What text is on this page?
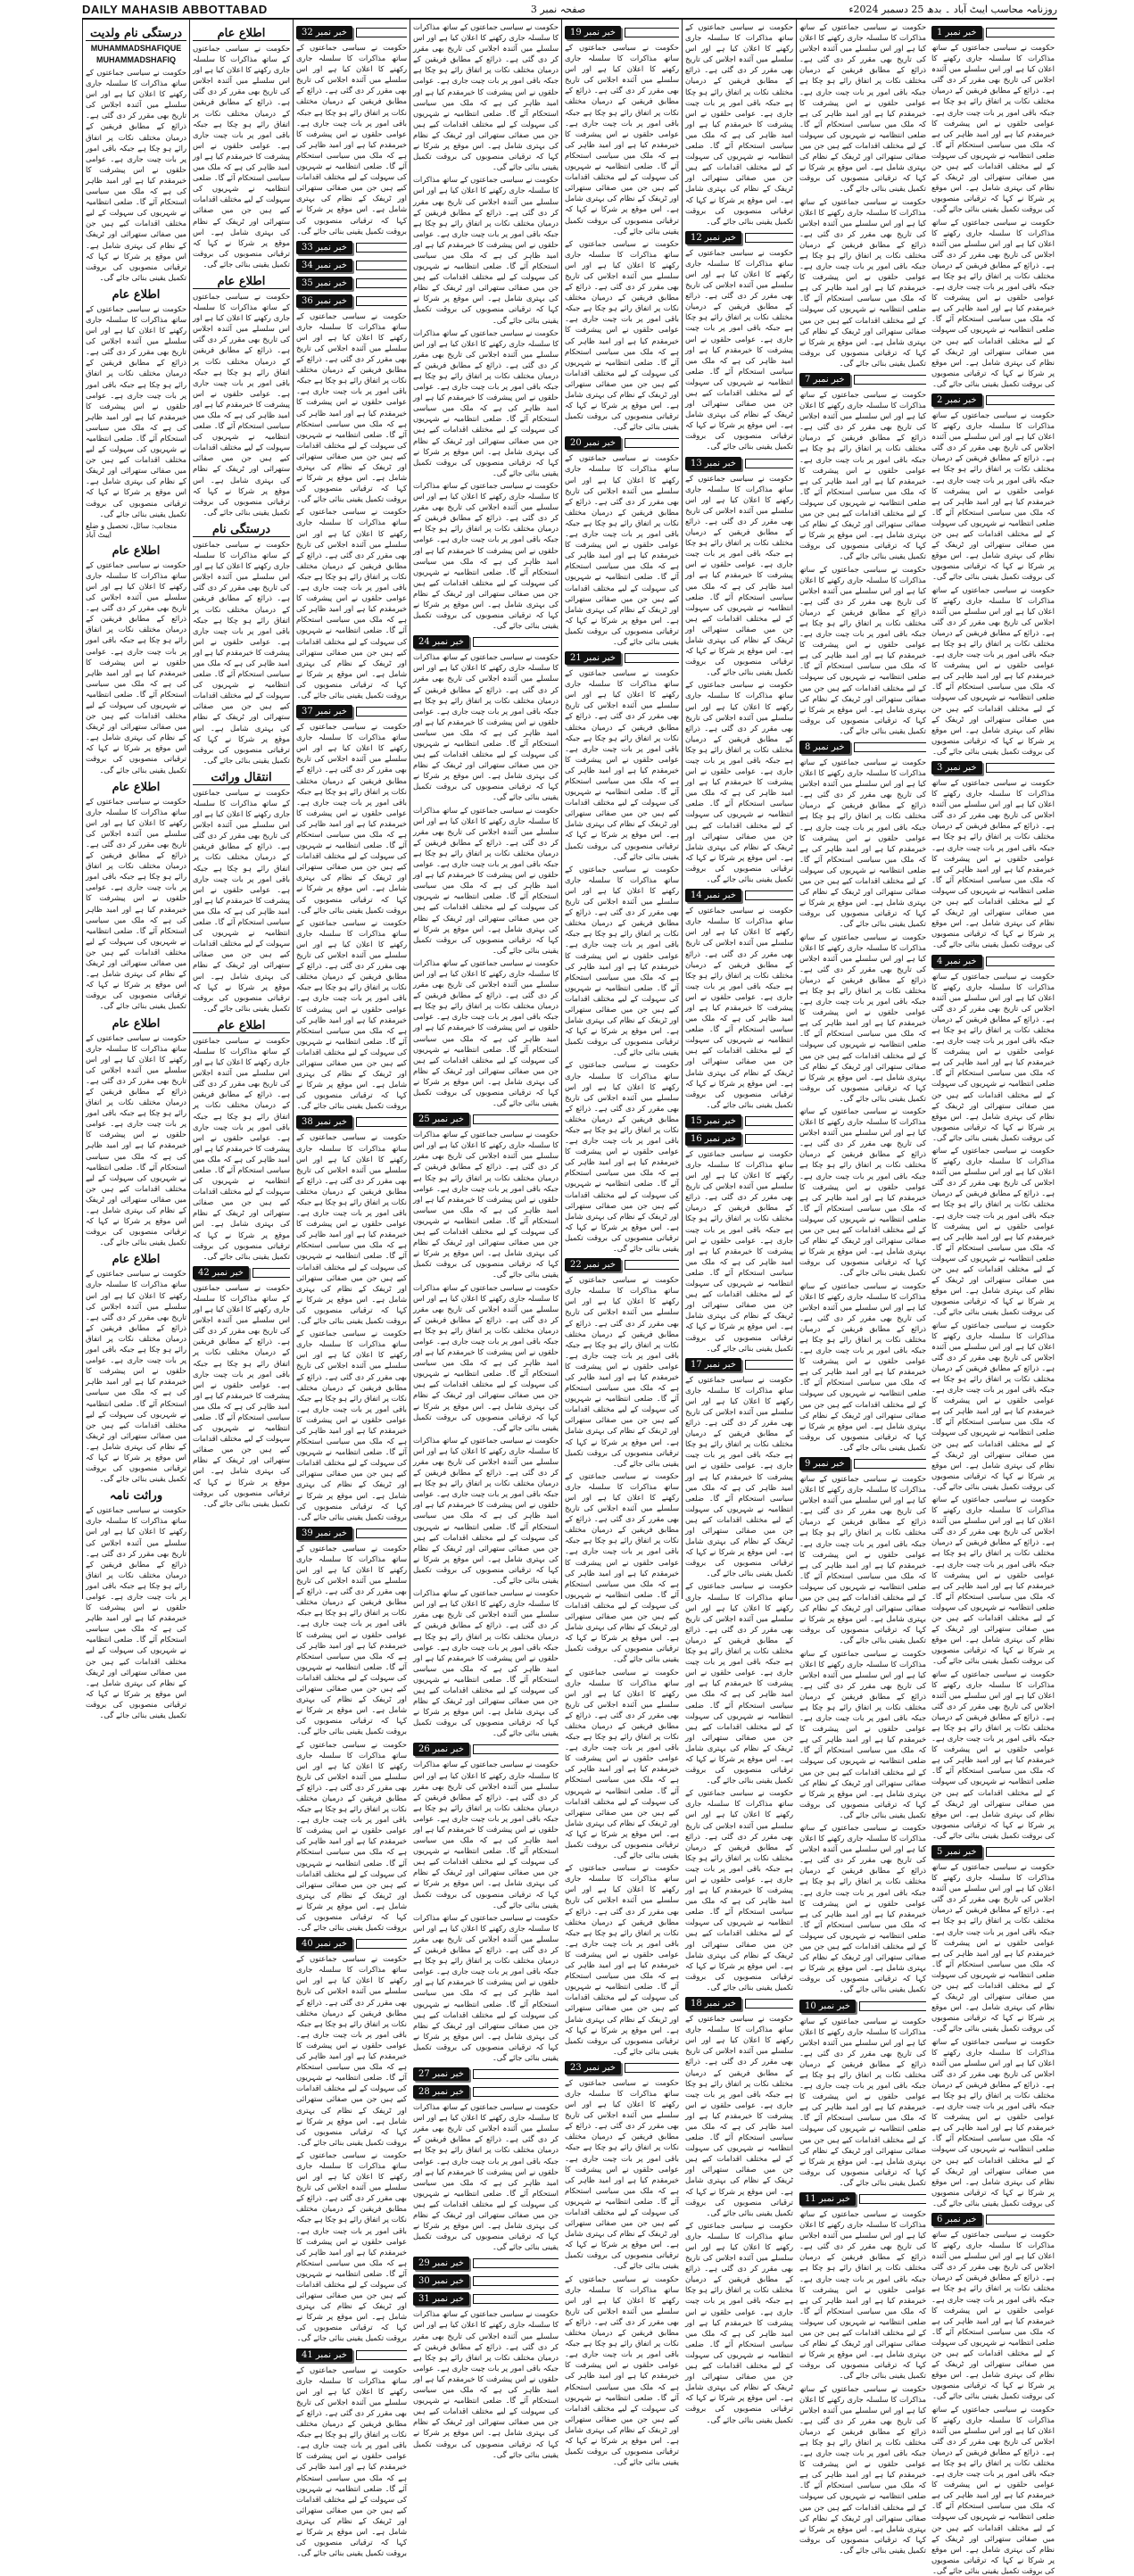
DAILY MAHASIB ABBOTTABAD	صفحہ نمبر 3	روزنامہ محاسب ایبٹ آباد ۔ بدھ 25 دسمبر 2024ء
خبر نمبر 1

حکومت نے سیاسی جماعتوں کے ساتھ مذاکرات کا سلسلہ جاری رکھنے کا اعلان کیا ہے اور اس سلسلے میں آئندہ اجلاس کی تاریخ بھی مقرر کر دی گئی ہے۔ ذرائع کے مطابق فریقین کے درمیان مختلف نکات پر اتفاق رائے ہو چکا ہے جبکہ باقی امور پر بات چیت جاری ہے۔ عوامی حلقوں نے اس پیشرفت کا خیرمقدم کیا ہے اور امید ظاہر کی ہے کہ ملک میں سیاسی استحکام آئے گا۔ ضلعی انتظامیہ نے شہریوں کی سہولت کے لیے مختلف اقدامات کیے ہیں جن میں صفائی ستھرائی اور ٹریفک کے نظام کی بہتری شامل ہے۔ اس موقع پر شرکا نے کہا کہ ترقیاتی منصوبوں کی بروقت تکمیل یقینی بنائی جائے گی۔

حکومت نے سیاسی جماعتوں کے ساتھ مذاکرات کا سلسلہ جاری رکھنے کا اعلان کیا ہے اور اس سلسلے میں آئندہ اجلاس کی تاریخ بھی مقرر کر دی گئی ہے۔ ذرائع کے مطابق فریقین کے درمیان مختلف نکات پر اتفاق رائے ہو چکا ہے جبکہ باقی امور پر بات چیت جاری ہے۔ عوامی حلقوں نے اس پیشرفت کا خیرمقدم کیا ہے اور امید ظاہر کی ہے کہ ملک میں سیاسی استحکام آئے گا۔ ضلعی انتظامیہ نے شہریوں کی سہولت کے لیے مختلف اقدامات کیے ہیں جن میں صفائی ستھرائی اور ٹریفک کے نظام کی بہتری شامل ہے۔ اس موقع پر شرکا نے کہا کہ ترقیاتی منصوبوں کی بروقت تکمیل یقینی بنائی جائے گی۔

خبر نمبر 2

حکومت نے سیاسی جماعتوں کے ساتھ مذاکرات کا سلسلہ جاری رکھنے کا اعلان کیا ہے اور اس سلسلے میں آئندہ اجلاس کی تاریخ بھی مقرر کر دی گئی ہے۔ ذرائع کے مطابق فریقین کے درمیان مختلف نکات پر اتفاق رائے ہو چکا ہے جبکہ باقی امور پر بات چیت جاری ہے۔ عوامی حلقوں نے اس پیشرفت کا خیرمقدم کیا ہے اور امید ظاہر کی ہے کہ ملک میں سیاسی استحکام آئے گا۔ ضلعی انتظامیہ نے شہریوں کی سہولت کے لیے مختلف اقدامات کیے ہیں جن میں صفائی ستھرائی اور ٹریفک کے نظام کی بہتری شامل ہے۔ اس موقع پر شرکا نے کہا کہ ترقیاتی منصوبوں کی بروقت تکمیل یقینی بنائی جائے گی۔

حکومت نے سیاسی جماعتوں کے ساتھ مذاکرات کا سلسلہ جاری رکھنے کا اعلان کیا ہے اور اس سلسلے میں آئندہ اجلاس کی تاریخ بھی مقرر کر دی گئی ہے۔ ذرائع کے مطابق فریقین کے درمیان مختلف نکات پر اتفاق رائے ہو چکا ہے جبکہ باقی امور پر بات چیت جاری ہے۔ عوامی حلقوں نے اس پیشرفت کا خیرمقدم کیا ہے اور امید ظاہر کی ہے کہ ملک میں سیاسی استحکام آئے گا۔ ضلعی انتظامیہ نے شہریوں کی سہولت کے لیے مختلف اقدامات کیے ہیں جن میں صفائی ستھرائی اور ٹریفک کے نظام کی بہتری شامل ہے۔ اس موقع پر شرکا نے کہا کہ ترقیاتی منصوبوں کی بروقت تکمیل یقینی بنائی جائے گی۔

خبر نمبر 3

حکومت نے سیاسی جماعتوں کے ساتھ مذاکرات کا سلسلہ جاری رکھنے کا اعلان کیا ہے اور اس سلسلے میں آئندہ اجلاس کی تاریخ بھی مقرر کر دی گئی ہے۔ ذرائع کے مطابق فریقین کے درمیان مختلف نکات پر اتفاق رائے ہو چکا ہے جبکہ باقی امور پر بات چیت جاری ہے۔ عوامی حلقوں نے اس پیشرفت کا خیرمقدم کیا ہے اور امید ظاہر کی ہے کہ ملک میں سیاسی استحکام آئے گا۔ ضلعی انتظامیہ نے شہریوں کی سہولت کے لیے مختلف اقدامات کیے ہیں جن میں صفائی ستھرائی اور ٹریفک کے نظام کی بہتری شامل ہے۔ اس موقع پر شرکا نے کہا کہ ترقیاتی منصوبوں کی بروقت تکمیل یقینی بنائی جائے گی۔

خبر نمبر 4

حکومت نے سیاسی جماعتوں کے ساتھ مذاکرات کا سلسلہ جاری رکھنے کا اعلان کیا ہے اور اس سلسلے میں آئندہ اجلاس کی تاریخ بھی مقرر کر دی گئی ہے۔ ذرائع کے مطابق فریقین کے درمیان مختلف نکات پر اتفاق رائے ہو چکا ہے جبکہ باقی امور پر بات چیت جاری ہے۔ عوامی حلقوں نے اس پیشرفت کا خیرمقدم کیا ہے اور امید ظاہر کی ہے کہ ملک میں سیاسی استحکام آئے گا۔ ضلعی انتظامیہ نے شہریوں کی سہولت کے لیے مختلف اقدامات کیے ہیں جن میں صفائی ستھرائی اور ٹریفک کے نظام کی بہتری شامل ہے۔ اس موقع پر شرکا نے کہا کہ ترقیاتی منصوبوں کی بروقت تکمیل یقینی بنائی جائے گی۔

حکومت نے سیاسی جماعتوں کے ساتھ مذاکرات کا سلسلہ جاری رکھنے کا اعلان کیا ہے اور اس سلسلے میں آئندہ اجلاس کی تاریخ بھی مقرر کر دی گئی ہے۔ ذرائع کے مطابق فریقین کے درمیان مختلف نکات پر اتفاق رائے ہو چکا ہے جبکہ باقی امور پر بات چیت جاری ہے۔ عوامی حلقوں نے اس پیشرفت کا خیرمقدم کیا ہے اور امید ظاہر کی ہے کہ ملک میں سیاسی استحکام آئے گا۔ ضلعی انتظامیہ نے شہریوں کی سہولت کے لیے مختلف اقدامات کیے ہیں جن میں صفائی ستھرائی اور ٹریفک کے نظام کی بہتری شامل ہے۔ اس موقع پر شرکا نے کہا کہ ترقیاتی منصوبوں کی بروقت تکمیل یقینی بنائی جائے گی۔

حکومت نے سیاسی جماعتوں کے ساتھ مذاکرات کا سلسلہ جاری رکھنے کا اعلان کیا ہے اور اس سلسلے میں آئندہ اجلاس کی تاریخ بھی مقرر کر دی گئی ہے۔ ذرائع کے مطابق فریقین کے درمیان مختلف نکات پر اتفاق رائے ہو چکا ہے جبکہ باقی امور پر بات چیت جاری ہے۔ عوامی حلقوں نے اس پیشرفت کا خیرمقدم کیا ہے اور امید ظاہر کی ہے کہ ملک میں سیاسی استحکام آئے گا۔ ضلعی انتظامیہ نے شہریوں کی سہولت کے لیے مختلف اقدامات کیے ہیں جن میں صفائی ستھرائی اور ٹریفک کے نظام کی بہتری شامل ہے۔ اس موقع پر شرکا نے کہا کہ ترقیاتی منصوبوں کی بروقت تکمیل یقینی بنائی جائے گی۔

حکومت نے سیاسی جماعتوں کے ساتھ مذاکرات کا سلسلہ جاری رکھنے کا اعلان کیا ہے اور اس سلسلے میں آئندہ اجلاس کی تاریخ بھی مقرر کر دی گئی ہے۔ ذرائع کے مطابق فریقین کے درمیان مختلف نکات پر اتفاق رائے ہو چکا ہے جبکہ باقی امور پر بات چیت جاری ہے۔ عوامی حلقوں نے اس پیشرفت کا خیرمقدم کیا ہے اور امید ظاہر کی ہے کہ ملک میں سیاسی استحکام آئے گا۔ ضلعی انتظامیہ نے شہریوں کی سہولت کے لیے مختلف اقدامات کیے ہیں جن میں صفائی ستھرائی اور ٹریفک کے نظام کی بہتری شامل ہے۔ اس موقع پر شرکا نے کہا کہ ترقیاتی منصوبوں کی بروقت تکمیل یقینی بنائی جائے گی۔

حکومت نے سیاسی جماعتوں کے ساتھ مذاکرات کا سلسلہ جاری رکھنے کا اعلان کیا ہے اور اس سلسلے میں آئندہ اجلاس کی تاریخ بھی مقرر کر دی گئی ہے۔ ذرائع کے مطابق فریقین کے درمیان مختلف نکات پر اتفاق رائے ہو چکا ہے جبکہ باقی امور پر بات چیت جاری ہے۔ عوامی حلقوں نے اس پیشرفت کا خیرمقدم کیا ہے اور امید ظاہر کی ہے کہ ملک میں سیاسی استحکام آئے گا۔ ضلعی انتظامیہ نے شہریوں کی سہولت کے لیے مختلف اقدامات کیے ہیں جن میں صفائی ستھرائی اور ٹریفک کے نظام کی بہتری شامل ہے۔ اس موقع پر شرکا نے کہا کہ ترقیاتی منصوبوں کی بروقت تکمیل یقینی بنائی جائے گی۔

خبر نمبر 5

حکومت نے سیاسی جماعتوں کے ساتھ مذاکرات کا سلسلہ جاری رکھنے کا اعلان کیا ہے اور اس سلسلے میں آئندہ اجلاس کی تاریخ بھی مقرر کر دی گئی ہے۔ ذرائع کے مطابق فریقین کے درمیان مختلف نکات پر اتفاق رائے ہو چکا ہے جبکہ باقی امور پر بات چیت جاری ہے۔ عوامی حلقوں نے اس پیشرفت کا خیرمقدم کیا ہے اور امید ظاہر کی ہے کہ ملک میں سیاسی استحکام آئے گا۔ ضلعی انتظامیہ نے شہریوں کی سہولت کے لیے مختلف اقدامات کیے ہیں جن میں صفائی ستھرائی اور ٹریفک کے نظام کی بہتری شامل ہے۔ اس موقع پر شرکا نے کہا کہ ترقیاتی منصوبوں کی بروقت تکمیل یقینی بنائی جائے گی۔

حکومت نے سیاسی جماعتوں کے ساتھ مذاکرات کا سلسلہ جاری رکھنے کا اعلان کیا ہے اور اس سلسلے میں آئندہ اجلاس کی تاریخ بھی مقرر کر دی گئی ہے۔ ذرائع کے مطابق فریقین کے درمیان مختلف نکات پر اتفاق رائے ہو چکا ہے جبکہ باقی امور پر بات چیت جاری ہے۔ عوامی حلقوں نے اس پیشرفت کا خیرمقدم کیا ہے اور امید ظاہر کی ہے کہ ملک میں سیاسی استحکام آئے گا۔ ضلعی انتظامیہ نے شہریوں کی سہولت کے لیے مختلف اقدامات کیے ہیں جن میں صفائی ستھرائی اور ٹریفک کے نظام کی بہتری شامل ہے۔ اس موقع پر شرکا نے کہا کہ ترقیاتی منصوبوں کی بروقت تکمیل یقینی بنائی جائے گی۔

خبر نمبر 6

حکومت نے سیاسی جماعتوں کے ساتھ مذاکرات کا سلسلہ جاری رکھنے کا اعلان کیا ہے اور اس سلسلے میں آئندہ اجلاس کی تاریخ بھی مقرر کر دی گئی ہے۔ ذرائع کے مطابق فریقین کے درمیان مختلف نکات پر اتفاق رائے ہو چکا ہے جبکہ باقی امور پر بات چیت جاری ہے۔ عوامی حلقوں نے اس پیشرفت کا خیرمقدم کیا ہے اور امید ظاہر کی ہے کہ ملک میں سیاسی استحکام آئے گا۔ ضلعی انتظامیہ نے شہریوں کی سہولت کے لیے مختلف اقدامات کیے ہیں جن میں صفائی ستھرائی اور ٹریفک کے نظام کی بہتری شامل ہے۔ اس موقع پر شرکا نے کہا کہ ترقیاتی منصوبوں کی بروقت تکمیل یقینی بنائی جائے گی۔

حکومت نے سیاسی جماعتوں کے ساتھ مذاکرات کا سلسلہ جاری رکھنے کا اعلان کیا ہے اور اس سلسلے میں آئندہ اجلاس کی تاریخ بھی مقرر کر دی گئی ہے۔ ذرائع کے مطابق فریقین کے درمیان مختلف نکات پر اتفاق رائے ہو چکا ہے جبکہ باقی امور پر بات چیت جاری ہے۔ عوامی حلقوں نے اس پیشرفت کا خیرمقدم کیا ہے اور امید ظاہر کی ہے کہ ملک میں سیاسی استحکام آئے گا۔ ضلعی انتظامیہ نے شہریوں کی سہولت کے لیے مختلف اقدامات کیے ہیں جن میں صفائی ستھرائی اور ٹریفک کے نظام کی بہتری شامل ہے۔ اس موقع پر شرکا نے کہا کہ ترقیاتی منصوبوں کی بروقت تکمیل یقینی بنائی جائے گی۔

حکومت نے سیاسی جماعتوں کے ساتھ مذاکرات کا سلسلہ جاری رکھنے کا اعلان کیا ہے اور اس سلسلے میں آئندہ اجلاس کی تاریخ بھی مقرر کر دی گئی ہے۔ ذرائع کے مطابق فریقین کے درمیان مختلف نکات پر اتفاق رائے ہو چکا ہے جبکہ باقی امور پر بات چیت جاری ہے۔ عوامی حلقوں نے اس پیشرفت کا خیرمقدم کیا ہے اور امید ظاہر کی ہے کہ ملک میں سیاسی استحکام آئے گا۔ ضلعی انتظامیہ نے شہریوں کی سہولت کے لیے مختلف اقدامات کیے ہیں جن میں صفائی ستھرائی اور ٹریفک کے نظام کی بہتری شامل ہے۔ اس موقع پر شرکا نے کہا کہ ترقیاتی منصوبوں کی بروقت تکمیل یقینی بنائی جائے گی۔

حکومت نے سیاسی جماعتوں کے ساتھ مذاکرات کا سلسلہ جاری رکھنے کا اعلان کیا ہے اور اس سلسلے میں آئندہ اجلاس کی تاریخ بھی مقرر کر دی گئی ہے۔ ذرائع کے مطابق فریقین کے درمیان مختلف نکات پر اتفاق رائے ہو چکا ہے جبکہ باقی امور پر بات چیت جاری ہے۔ عوامی حلقوں نے اس پیشرفت کا خیرمقدم کیا ہے اور امید ظاہر کی ہے کہ ملک میں سیاسی استحکام آئے گا۔ ضلعی انتظامیہ نے شہریوں کی سہولت کے لیے مختلف اقدامات کیے ہیں جن میں صفائی ستھرائی اور ٹریفک کے نظام کی بہتری شامل ہے۔ اس موقع پر شرکا نے کہا کہ ترقیاتی منصوبوں کی بروقت تکمیل یقینی بنائی جائے گی۔

خبر نمبر 7

حکومت نے سیاسی جماعتوں کے ساتھ مذاکرات کا سلسلہ جاری رکھنے کا اعلان کیا ہے اور اس سلسلے میں آئندہ اجلاس کی تاریخ بھی مقرر کر دی گئی ہے۔ ذرائع کے مطابق فریقین کے درمیان مختلف نکات پر اتفاق رائے ہو چکا ہے جبکہ باقی امور پر بات چیت جاری ہے۔ عوامی حلقوں نے اس پیشرفت کا خیرمقدم کیا ہے اور امید ظاہر کی ہے کہ ملک میں سیاسی استحکام آئے گا۔ ضلعی انتظامیہ نے شہریوں کی سہولت کے لیے مختلف اقدامات کیے ہیں جن میں صفائی ستھرائی اور ٹریفک کے نظام کی بہتری شامل ہے۔ اس موقع پر شرکا نے کہا کہ ترقیاتی منصوبوں کی بروقت تکمیل یقینی بنائی جائے گی۔

حکومت نے سیاسی جماعتوں کے ساتھ مذاکرات کا سلسلہ جاری رکھنے کا اعلان کیا ہے اور اس سلسلے میں آئندہ اجلاس کی تاریخ بھی مقرر کر دی گئی ہے۔ ذرائع کے مطابق فریقین کے درمیان مختلف نکات پر اتفاق رائے ہو چکا ہے جبکہ باقی امور پر بات چیت جاری ہے۔ عوامی حلقوں نے اس پیشرفت کا خیرمقدم کیا ہے اور امید ظاہر کی ہے کہ ملک میں سیاسی استحکام آئے گا۔ ضلعی انتظامیہ نے شہریوں کی سہولت کے لیے مختلف اقدامات کیے ہیں جن میں صفائی ستھرائی اور ٹریفک کے نظام کی بہتری شامل ہے۔ اس موقع پر شرکا نے کہا کہ ترقیاتی منصوبوں کی بروقت تکمیل یقینی بنائی جائے گی۔

خبر نمبر 8

حکومت نے سیاسی جماعتوں کے ساتھ مذاکرات کا سلسلہ جاری رکھنے کا اعلان کیا ہے اور اس سلسلے میں آئندہ اجلاس کی تاریخ بھی مقرر کر دی گئی ہے۔ ذرائع کے مطابق فریقین کے درمیان مختلف نکات پر اتفاق رائے ہو چکا ہے جبکہ باقی امور پر بات چیت جاری ہے۔ عوامی حلقوں نے اس پیشرفت کا خیرمقدم کیا ہے اور امید ظاہر کی ہے کہ ملک میں سیاسی استحکام آئے گا۔ ضلعی انتظامیہ نے شہریوں کی سہولت کے لیے مختلف اقدامات کیے ہیں جن میں صفائی ستھرائی اور ٹریفک کے نظام کی بہتری شامل ہے۔ اس موقع پر شرکا نے کہا کہ ترقیاتی منصوبوں کی بروقت تکمیل یقینی بنائی جائے گی۔

حکومت نے سیاسی جماعتوں کے ساتھ مذاکرات کا سلسلہ جاری رکھنے کا اعلان کیا ہے اور اس سلسلے میں آئندہ اجلاس کی تاریخ بھی مقرر کر دی گئی ہے۔ ذرائع کے مطابق فریقین کے درمیان مختلف نکات پر اتفاق رائے ہو چکا ہے جبکہ باقی امور پر بات چیت جاری ہے۔ عوامی حلقوں نے اس پیشرفت کا خیرمقدم کیا ہے اور امید ظاہر کی ہے کہ ملک میں سیاسی استحکام آئے گا۔ ضلعی انتظامیہ نے شہریوں کی سہولت کے لیے مختلف اقدامات کیے ہیں جن میں صفائی ستھرائی اور ٹریفک کے نظام کی بہتری شامل ہے۔ اس موقع پر شرکا نے کہا کہ ترقیاتی منصوبوں کی بروقت تکمیل یقینی بنائی جائے گی۔

حکومت نے سیاسی جماعتوں کے ساتھ مذاکرات کا سلسلہ جاری رکھنے کا اعلان کیا ہے اور اس سلسلے میں آئندہ اجلاس کی تاریخ بھی مقرر کر دی گئی ہے۔ ذرائع کے مطابق فریقین کے درمیان مختلف نکات پر اتفاق رائے ہو چکا ہے جبکہ باقی امور پر بات چیت جاری ہے۔ عوامی حلقوں نے اس پیشرفت کا خیرمقدم کیا ہے اور امید ظاہر کی ہے کہ ملک میں سیاسی استحکام آئے گا۔ ضلعی انتظامیہ نے شہریوں کی سہولت کے لیے مختلف اقدامات کیے ہیں جن میں صفائی ستھرائی اور ٹریفک کے نظام کی بہتری شامل ہے۔ اس موقع پر شرکا نے کہا کہ ترقیاتی منصوبوں کی بروقت تکمیل یقینی بنائی جائے گی۔

حکومت نے سیاسی جماعتوں کے ساتھ مذاکرات کا سلسلہ جاری رکھنے کا اعلان کیا ہے اور اس سلسلے میں آئندہ اجلاس کی تاریخ بھی مقرر کر دی گئی ہے۔ ذرائع کے مطابق فریقین کے درمیان مختلف نکات پر اتفاق رائے ہو چکا ہے جبکہ باقی امور پر بات چیت جاری ہے۔ عوامی حلقوں نے اس پیشرفت کا خیرمقدم کیا ہے اور امید ظاہر کی ہے کہ ملک میں سیاسی استحکام آئے گا۔ ضلعی انتظامیہ نے شہریوں کی سہولت کے لیے مختلف اقدامات کیے ہیں جن میں صفائی ستھرائی اور ٹریفک کے نظام کی بہتری شامل ہے۔ اس موقع پر شرکا نے کہا کہ ترقیاتی منصوبوں کی بروقت تکمیل یقینی بنائی جائے گی۔

خبر نمبر 9

حکومت نے سیاسی جماعتوں کے ساتھ مذاکرات کا سلسلہ جاری رکھنے کا اعلان کیا ہے اور اس سلسلے میں آئندہ اجلاس کی تاریخ بھی مقرر کر دی گئی ہے۔ ذرائع کے مطابق فریقین کے درمیان مختلف نکات پر اتفاق رائے ہو چکا ہے جبکہ باقی امور پر بات چیت جاری ہے۔ عوامی حلقوں نے اس پیشرفت کا خیرمقدم کیا ہے اور امید ظاہر کی ہے کہ ملک میں سیاسی استحکام آئے گا۔ ضلعی انتظامیہ نے شہریوں کی سہولت کے لیے مختلف اقدامات کیے ہیں جن میں صفائی ستھرائی اور ٹریفک کے نظام کی بہتری شامل ہے۔ اس موقع پر شرکا نے کہا کہ ترقیاتی منصوبوں کی بروقت تکمیل یقینی بنائی جائے گی۔

حکومت نے سیاسی جماعتوں کے ساتھ مذاکرات کا سلسلہ جاری رکھنے کا اعلان کیا ہے اور اس سلسلے میں آئندہ اجلاس کی تاریخ بھی مقرر کر دی گئی ہے۔ ذرائع کے مطابق فریقین کے درمیان مختلف نکات پر اتفاق رائے ہو چکا ہے جبکہ باقی امور پر بات چیت جاری ہے۔ عوامی حلقوں نے اس پیشرفت کا خیرمقدم کیا ہے اور امید ظاہر کی ہے کہ ملک میں سیاسی استحکام آئے گا۔ ضلعی انتظامیہ نے شہریوں کی سہولت کے لیے مختلف اقدامات کیے ہیں جن میں صفائی ستھرائی اور ٹریفک کے نظام کی بہتری شامل ہے۔ اس موقع پر شرکا نے کہا کہ ترقیاتی منصوبوں کی بروقت تکمیل یقینی بنائی جائے گی۔

حکومت نے سیاسی جماعتوں کے ساتھ مذاکرات کا سلسلہ جاری رکھنے کا اعلان کیا ہے اور اس سلسلے میں آئندہ اجلاس کی تاریخ بھی مقرر کر دی گئی ہے۔ ذرائع کے مطابق فریقین کے درمیان مختلف نکات پر اتفاق رائے ہو چکا ہے جبکہ باقی امور پر بات چیت جاری ہے۔ عوامی حلقوں نے اس پیشرفت کا خیرمقدم کیا ہے اور امید ظاہر کی ہے کہ ملک میں سیاسی استحکام آئے گا۔ ضلعی انتظامیہ نے شہریوں کی سہولت کے لیے مختلف اقدامات کیے ہیں جن میں صفائی ستھرائی اور ٹریفک کے نظام کی بہتری شامل ہے۔ اس موقع پر شرکا نے کہا کہ ترقیاتی منصوبوں کی بروقت تکمیل یقینی بنائی جائے گی۔

خبر نمبر 10

حکومت نے سیاسی جماعتوں کے ساتھ مذاکرات کا سلسلہ جاری رکھنے کا اعلان کیا ہے اور اس سلسلے میں آئندہ اجلاس کی تاریخ بھی مقرر کر دی گئی ہے۔ ذرائع کے مطابق فریقین کے درمیان مختلف نکات پر اتفاق رائے ہو چکا ہے جبکہ باقی امور پر بات چیت جاری ہے۔ عوامی حلقوں نے اس پیشرفت کا خیرمقدم کیا ہے اور امید ظاہر کی ہے کہ ملک میں سیاسی استحکام آئے گا۔ ضلعی انتظامیہ نے شہریوں کی سہولت کے لیے مختلف اقدامات کیے ہیں جن میں صفائی ستھرائی اور ٹریفک کے نظام کی بہتری شامل ہے۔ اس موقع پر شرکا نے کہا کہ ترقیاتی منصوبوں کی بروقت تکمیل یقینی بنائی جائے گی۔

خبر نمبر 11

حکومت نے سیاسی جماعتوں کے ساتھ مذاکرات کا سلسلہ جاری رکھنے کا اعلان کیا ہے اور اس سلسلے میں آئندہ اجلاس کی تاریخ بھی مقرر کر دی گئی ہے۔ ذرائع کے مطابق فریقین کے درمیان مختلف نکات پر اتفاق رائے ہو چکا ہے جبکہ باقی امور پر بات چیت جاری ہے۔ عوامی حلقوں نے اس پیشرفت کا خیرمقدم کیا ہے اور امید ظاہر کی ہے کہ ملک میں سیاسی استحکام آئے گا۔ ضلعی انتظامیہ نے شہریوں کی سہولت کے لیے مختلف اقدامات کیے ہیں جن میں صفائی ستھرائی اور ٹریفک کے نظام کی بہتری شامل ہے۔ اس موقع پر شرکا نے کہا کہ ترقیاتی منصوبوں کی بروقت تکمیل یقینی بنائی جائے گی۔

حکومت نے سیاسی جماعتوں کے ساتھ مذاکرات کا سلسلہ جاری رکھنے کا اعلان کیا ہے اور اس سلسلے میں آئندہ اجلاس کی تاریخ بھی مقرر کر دی گئی ہے۔ ذرائع کے مطابق فریقین کے درمیان مختلف نکات پر اتفاق رائے ہو چکا ہے جبکہ باقی امور پر بات چیت جاری ہے۔ عوامی حلقوں نے اس پیشرفت کا خیرمقدم کیا ہے اور امید ظاہر کی ہے کہ ملک میں سیاسی استحکام آئے گا۔ ضلعی انتظامیہ نے شہریوں کی سہولت کے لیے مختلف اقدامات کیے ہیں جن میں صفائی ستھرائی اور ٹریفک کے نظام کی بہتری شامل ہے۔ اس موقع پر شرکا نے کہا کہ ترقیاتی منصوبوں کی بروقت تکمیل یقینی بنائی جائے گی۔

حکومت نے سیاسی جماعتوں کے ساتھ مذاکرات کا سلسلہ جاری رکھنے کا اعلان کیا ہے اور اس سلسلے میں آئندہ اجلاس کی تاریخ بھی مقرر کر دی گئی ہے۔ ذرائع کے مطابق فریقین کے درمیان مختلف نکات پر اتفاق رائے ہو چکا ہے جبکہ باقی امور پر بات چیت جاری ہے۔ عوامی حلقوں نے اس پیشرفت کا خیرمقدم کیا ہے اور امید ظاہر کی ہے کہ ملک میں سیاسی استحکام آئے گا۔ ضلعی انتظامیہ نے شہریوں کی سہولت کے لیے مختلف اقدامات کیے ہیں جن میں صفائی ستھرائی اور ٹریفک کے نظام کی بہتری شامل ہے۔ اس موقع پر شرکا نے کہا کہ ترقیاتی منصوبوں کی بروقت تکمیل یقینی بنائی جائے گی۔

خبر نمبر 12

حکومت نے سیاسی جماعتوں کے ساتھ مذاکرات کا سلسلہ جاری رکھنے کا اعلان کیا ہے اور اس سلسلے میں آئندہ اجلاس کی تاریخ بھی مقرر کر دی گئی ہے۔ ذرائع کے مطابق فریقین کے درمیان مختلف نکات پر اتفاق رائے ہو چکا ہے جبکہ باقی امور پر بات چیت جاری ہے۔ عوامی حلقوں نے اس پیشرفت کا خیرمقدم کیا ہے اور امید ظاہر کی ہے کہ ملک میں سیاسی استحکام آئے گا۔ ضلعی انتظامیہ نے شہریوں کی سہولت کے لیے مختلف اقدامات کیے ہیں جن میں صفائی ستھرائی اور ٹریفک کے نظام کی بہتری شامل ہے۔ اس موقع پر شرکا نے کہا کہ ترقیاتی منصوبوں کی بروقت تکمیل یقینی بنائی جائے گی۔

خبر نمبر 13

حکومت نے سیاسی جماعتوں کے ساتھ مذاکرات کا سلسلہ جاری رکھنے کا اعلان کیا ہے اور اس سلسلے میں آئندہ اجلاس کی تاریخ بھی مقرر کر دی گئی ہے۔ ذرائع کے مطابق فریقین کے درمیان مختلف نکات پر اتفاق رائے ہو چکا ہے جبکہ باقی امور پر بات چیت جاری ہے۔ عوامی حلقوں نے اس پیشرفت کا خیرمقدم کیا ہے اور امید ظاہر کی ہے کہ ملک میں سیاسی استحکام آئے گا۔ ضلعی انتظامیہ نے شہریوں کی سہولت کے لیے مختلف اقدامات کیے ہیں جن میں صفائی ستھرائی اور ٹریفک کے نظام کی بہتری شامل ہے۔ اس موقع پر شرکا نے کہا کہ ترقیاتی منصوبوں کی بروقت تکمیل یقینی بنائی جائے گی۔

حکومت نے سیاسی جماعتوں کے ساتھ مذاکرات کا سلسلہ جاری رکھنے کا اعلان کیا ہے اور اس سلسلے میں آئندہ اجلاس کی تاریخ بھی مقرر کر دی گئی ہے۔ ذرائع کے مطابق فریقین کے درمیان مختلف نکات پر اتفاق رائے ہو چکا ہے جبکہ باقی امور پر بات چیت جاری ہے۔ عوامی حلقوں نے اس پیشرفت کا خیرمقدم کیا ہے اور امید ظاہر کی ہے کہ ملک میں سیاسی استحکام آئے گا۔ ضلعی انتظامیہ نے شہریوں کی سہولت کے لیے مختلف اقدامات کیے ہیں جن میں صفائی ستھرائی اور ٹریفک کے نظام کی بہتری شامل ہے۔ اس موقع پر شرکا نے کہا کہ ترقیاتی منصوبوں کی بروقت تکمیل یقینی بنائی جائے گی۔

خبر نمبر 14

حکومت نے سیاسی جماعتوں کے ساتھ مذاکرات کا سلسلہ جاری رکھنے کا اعلان کیا ہے اور اس سلسلے میں آئندہ اجلاس کی تاریخ بھی مقرر کر دی گئی ہے۔ ذرائع کے مطابق فریقین کے درمیان مختلف نکات پر اتفاق رائے ہو چکا ہے جبکہ باقی امور پر بات چیت جاری ہے۔ عوامی حلقوں نے اس پیشرفت کا خیرمقدم کیا ہے اور امید ظاہر کی ہے کہ ملک میں سیاسی استحکام آئے گا۔ ضلعی انتظامیہ نے شہریوں کی سہولت کے لیے مختلف اقدامات کیے ہیں جن میں صفائی ستھرائی اور ٹریفک کے نظام کی بہتری شامل ہے۔ اس موقع پر شرکا نے کہا کہ ترقیاتی منصوبوں کی بروقت تکمیل یقینی بنائی جائے گی۔

خبر نمبر 15
خبر نمبر 16

حکومت نے سیاسی جماعتوں کے ساتھ مذاکرات کا سلسلہ جاری رکھنے کا اعلان کیا ہے اور اس سلسلے میں آئندہ اجلاس کی تاریخ بھی مقرر کر دی گئی ہے۔ ذرائع کے مطابق فریقین کے درمیان مختلف نکات پر اتفاق رائے ہو چکا ہے جبکہ باقی امور پر بات چیت جاری ہے۔ عوامی حلقوں نے اس پیشرفت کا خیرمقدم کیا ہے اور امید ظاہر کی ہے کہ ملک میں سیاسی استحکام آئے گا۔ ضلعی انتظامیہ نے شہریوں کی سہولت کے لیے مختلف اقدامات کیے ہیں جن میں صفائی ستھرائی اور ٹریفک کے نظام کی بہتری شامل ہے۔ اس موقع پر شرکا نے کہا کہ ترقیاتی منصوبوں کی بروقت تکمیل یقینی بنائی جائے گی۔

خبر نمبر 17

حکومت نے سیاسی جماعتوں کے ساتھ مذاکرات کا سلسلہ جاری رکھنے کا اعلان کیا ہے اور اس سلسلے میں آئندہ اجلاس کی تاریخ بھی مقرر کر دی گئی ہے۔ ذرائع کے مطابق فریقین کے درمیان مختلف نکات پر اتفاق رائے ہو چکا ہے جبکہ باقی امور پر بات چیت جاری ہے۔ عوامی حلقوں نے اس پیشرفت کا خیرمقدم کیا ہے اور امید ظاہر کی ہے کہ ملک میں سیاسی استحکام آئے گا۔ ضلعی انتظامیہ نے شہریوں کی سہولت کے لیے مختلف اقدامات کیے ہیں جن میں صفائی ستھرائی اور ٹریفک کے نظام کی بہتری شامل ہے۔ اس موقع پر شرکا نے کہا کہ ترقیاتی منصوبوں کی بروقت تکمیل یقینی بنائی جائے گی۔

حکومت نے سیاسی جماعتوں کے ساتھ مذاکرات کا سلسلہ جاری رکھنے کا اعلان کیا ہے اور اس سلسلے میں آئندہ اجلاس کی تاریخ بھی مقرر کر دی گئی ہے۔ ذرائع کے مطابق فریقین کے درمیان مختلف نکات پر اتفاق رائے ہو چکا ہے جبکہ باقی امور پر بات چیت جاری ہے۔ عوامی حلقوں نے اس پیشرفت کا خیرمقدم کیا ہے اور امید ظاہر کی ہے کہ ملک میں سیاسی استحکام آئے گا۔ ضلعی انتظامیہ نے شہریوں کی سہولت کے لیے مختلف اقدامات کیے ہیں جن میں صفائی ستھرائی اور ٹریفک کے نظام کی بہتری شامل ہے۔ اس موقع پر شرکا نے کہا کہ ترقیاتی منصوبوں کی بروقت تکمیل یقینی بنائی جائے گی۔

حکومت نے سیاسی جماعتوں کے ساتھ مذاکرات کا سلسلہ جاری رکھنے کا اعلان کیا ہے اور اس سلسلے میں آئندہ اجلاس کی تاریخ بھی مقرر کر دی گئی ہے۔ ذرائع کے مطابق فریقین کے درمیان مختلف نکات پر اتفاق رائے ہو چکا ہے جبکہ باقی امور پر بات چیت جاری ہے۔ عوامی حلقوں نے اس پیشرفت کا خیرمقدم کیا ہے اور امید ظاہر کی ہے کہ ملک میں سیاسی استحکام آئے گا۔ ضلعی انتظامیہ نے شہریوں کی سہولت کے لیے مختلف اقدامات کیے ہیں جن میں صفائی ستھرائی اور ٹریفک کے نظام کی بہتری شامل ہے۔ اس موقع پر شرکا نے کہا کہ ترقیاتی منصوبوں کی بروقت تکمیل یقینی بنائی جائے گی۔

خبر نمبر 18

حکومت نے سیاسی جماعتوں کے ساتھ مذاکرات کا سلسلہ جاری رکھنے کا اعلان کیا ہے اور اس سلسلے میں آئندہ اجلاس کی تاریخ بھی مقرر کر دی گئی ہے۔ ذرائع کے مطابق فریقین کے درمیان مختلف نکات پر اتفاق رائے ہو چکا ہے جبکہ باقی امور پر بات چیت جاری ہے۔ عوامی حلقوں نے اس پیشرفت کا خیرمقدم کیا ہے اور امید ظاہر کی ہے کہ ملک میں سیاسی استحکام آئے گا۔ ضلعی انتظامیہ نے شہریوں کی سہولت کے لیے مختلف اقدامات کیے ہیں جن میں صفائی ستھرائی اور ٹریفک کے نظام کی بہتری شامل ہے۔ اس موقع پر شرکا نے کہا کہ ترقیاتی منصوبوں کی بروقت تکمیل یقینی بنائی جائے گی۔

حکومت نے سیاسی جماعتوں کے ساتھ مذاکرات کا سلسلہ جاری رکھنے کا اعلان کیا ہے اور اس سلسلے میں آئندہ اجلاس کی تاریخ بھی مقرر کر دی گئی ہے۔ ذرائع کے مطابق فریقین کے درمیان مختلف نکات پر اتفاق رائے ہو چکا ہے جبکہ باقی امور پر بات چیت جاری ہے۔ عوامی حلقوں نے اس پیشرفت کا خیرمقدم کیا ہے اور امید ظاہر کی ہے کہ ملک میں سیاسی استحکام آئے گا۔ ضلعی انتظامیہ نے شہریوں کی سہولت کے لیے مختلف اقدامات کیے ہیں جن میں صفائی ستھرائی اور ٹریفک کے نظام کی بہتری شامل ہے۔ اس موقع پر شرکا نے کہا کہ ترقیاتی منصوبوں کی بروقت تکمیل یقینی بنائی جائے گی۔

خبر نمبر 19

حکومت نے سیاسی جماعتوں کے ساتھ مذاکرات کا سلسلہ جاری رکھنے کا اعلان کیا ہے اور اس سلسلے میں آئندہ اجلاس کی تاریخ بھی مقرر کر دی گئی ہے۔ ذرائع کے مطابق فریقین کے درمیان مختلف نکات پر اتفاق رائے ہو چکا ہے جبکہ باقی امور پر بات چیت جاری ہے۔ عوامی حلقوں نے اس پیشرفت کا خیرمقدم کیا ہے اور امید ظاہر کی ہے کہ ملک میں سیاسی استحکام آئے گا۔ ضلعی انتظامیہ نے شہریوں کی سہولت کے لیے مختلف اقدامات کیے ہیں جن میں صفائی ستھرائی اور ٹریفک کے نظام کی بہتری شامل ہے۔ اس موقع پر شرکا نے کہا کہ ترقیاتی منصوبوں کی بروقت تکمیل یقینی بنائی جائے گی۔

حکومت نے سیاسی جماعتوں کے ساتھ مذاکرات کا سلسلہ جاری رکھنے کا اعلان کیا ہے اور اس سلسلے میں آئندہ اجلاس کی تاریخ بھی مقرر کر دی گئی ہے۔ ذرائع کے مطابق فریقین کے درمیان مختلف نکات پر اتفاق رائے ہو چکا ہے جبکہ باقی امور پر بات چیت جاری ہے۔ عوامی حلقوں نے اس پیشرفت کا خیرمقدم کیا ہے اور امید ظاہر کی ہے کہ ملک میں سیاسی استحکام آئے گا۔ ضلعی انتظامیہ نے شہریوں کی سہولت کے لیے مختلف اقدامات کیے ہیں جن میں صفائی ستھرائی اور ٹریفک کے نظام کی بہتری شامل ہے۔ اس موقع پر شرکا نے کہا کہ ترقیاتی منصوبوں کی بروقت تکمیل یقینی بنائی جائے گی۔

خبر نمبر 20

حکومت نے سیاسی جماعتوں کے ساتھ مذاکرات کا سلسلہ جاری رکھنے کا اعلان کیا ہے اور اس سلسلے میں آئندہ اجلاس کی تاریخ بھی مقرر کر دی گئی ہے۔ ذرائع کے مطابق فریقین کے درمیان مختلف نکات پر اتفاق رائے ہو چکا ہے جبکہ باقی امور پر بات چیت جاری ہے۔ عوامی حلقوں نے اس پیشرفت کا خیرمقدم کیا ہے اور امید ظاہر کی ہے کہ ملک میں سیاسی استحکام آئے گا۔ ضلعی انتظامیہ نے شہریوں کی سہولت کے لیے مختلف اقدامات کیے ہیں جن میں صفائی ستھرائی اور ٹریفک کے نظام کی بہتری شامل ہے۔ اس موقع پر شرکا نے کہا کہ ترقیاتی منصوبوں کی بروقت تکمیل یقینی بنائی جائے گی۔

خبر نمبر 21

حکومت نے سیاسی جماعتوں کے ساتھ مذاکرات کا سلسلہ جاری رکھنے کا اعلان کیا ہے اور اس سلسلے میں آئندہ اجلاس کی تاریخ بھی مقرر کر دی گئی ہے۔ ذرائع کے مطابق فریقین کے درمیان مختلف نکات پر اتفاق رائے ہو چکا ہے جبکہ باقی امور پر بات چیت جاری ہے۔ عوامی حلقوں نے اس پیشرفت کا خیرمقدم کیا ہے اور امید ظاہر کی ہے کہ ملک میں سیاسی استحکام آئے گا۔ ضلعی انتظامیہ نے شہریوں کی سہولت کے لیے مختلف اقدامات کیے ہیں جن میں صفائی ستھرائی اور ٹریفک کے نظام کی بہتری شامل ہے۔ اس موقع پر شرکا نے کہا کہ ترقیاتی منصوبوں کی بروقت تکمیل یقینی بنائی جائے گی۔

حکومت نے سیاسی جماعتوں کے ساتھ مذاکرات کا سلسلہ جاری رکھنے کا اعلان کیا ہے اور اس سلسلے میں آئندہ اجلاس کی تاریخ بھی مقرر کر دی گئی ہے۔ ذرائع کے مطابق فریقین کے درمیان مختلف نکات پر اتفاق رائے ہو چکا ہے جبکہ باقی امور پر بات چیت جاری ہے۔ عوامی حلقوں نے اس پیشرفت کا خیرمقدم کیا ہے اور امید ظاہر کی ہے کہ ملک میں سیاسی استحکام آئے گا۔ ضلعی انتظامیہ نے شہریوں کی سہولت کے لیے مختلف اقدامات کیے ہیں جن میں صفائی ستھرائی اور ٹریفک کے نظام کی بہتری شامل ہے۔ اس موقع پر شرکا نے کہا کہ ترقیاتی منصوبوں کی بروقت تکمیل یقینی بنائی جائے گی۔

حکومت نے سیاسی جماعتوں کے ساتھ مذاکرات کا سلسلہ جاری رکھنے کا اعلان کیا ہے اور اس سلسلے میں آئندہ اجلاس کی تاریخ بھی مقرر کر دی گئی ہے۔ ذرائع کے مطابق فریقین کے درمیان مختلف نکات پر اتفاق رائے ہو چکا ہے جبکہ باقی امور پر بات چیت جاری ہے۔ عوامی حلقوں نے اس پیشرفت کا خیرمقدم کیا ہے اور امید ظاہر کی ہے کہ ملک میں سیاسی استحکام آئے گا۔ ضلعی انتظامیہ نے شہریوں کی سہولت کے لیے مختلف اقدامات کیے ہیں جن میں صفائی ستھرائی اور ٹریفک کے نظام کی بہتری شامل ہے۔ اس موقع پر شرکا نے کہا کہ ترقیاتی منصوبوں کی بروقت تکمیل یقینی بنائی جائے گی۔

خبر نمبر 22

حکومت نے سیاسی جماعتوں کے ساتھ مذاکرات کا سلسلہ جاری رکھنے کا اعلان کیا ہے اور اس سلسلے میں آئندہ اجلاس کی تاریخ بھی مقرر کر دی گئی ہے۔ ذرائع کے مطابق فریقین کے درمیان مختلف نکات پر اتفاق رائے ہو چکا ہے جبکہ باقی امور پر بات چیت جاری ہے۔ عوامی حلقوں نے اس پیشرفت کا خیرمقدم کیا ہے اور امید ظاہر کی ہے کہ ملک میں سیاسی استحکام آئے گا۔ ضلعی انتظامیہ نے شہریوں کی سہولت کے لیے مختلف اقدامات کیے ہیں جن میں صفائی ستھرائی اور ٹریفک کے نظام کی بہتری شامل ہے۔ اس موقع پر شرکا نے کہا کہ ترقیاتی منصوبوں کی بروقت تکمیل یقینی بنائی جائے گی۔

حکومت نے سیاسی جماعتوں کے ساتھ مذاکرات کا سلسلہ جاری رکھنے کا اعلان کیا ہے اور اس سلسلے میں آئندہ اجلاس کی تاریخ بھی مقرر کر دی گئی ہے۔ ذرائع کے مطابق فریقین کے درمیان مختلف نکات پر اتفاق رائے ہو چکا ہے جبکہ باقی امور پر بات چیت جاری ہے۔ عوامی حلقوں نے اس پیشرفت کا خیرمقدم کیا ہے اور امید ظاہر کی ہے کہ ملک میں سیاسی استحکام آئے گا۔ ضلعی انتظامیہ نے شہریوں کی سہولت کے لیے مختلف اقدامات کیے ہیں جن میں صفائی ستھرائی اور ٹریفک کے نظام کی بہتری شامل ہے۔ اس موقع پر شرکا نے کہا کہ ترقیاتی منصوبوں کی بروقت تکمیل یقینی بنائی جائے گی۔

حکومت نے سیاسی جماعتوں کے ساتھ مذاکرات کا سلسلہ جاری رکھنے کا اعلان کیا ہے اور اس سلسلے میں آئندہ اجلاس کی تاریخ بھی مقرر کر دی گئی ہے۔ ذرائع کے مطابق فریقین کے درمیان مختلف نکات پر اتفاق رائے ہو چکا ہے جبکہ باقی امور پر بات چیت جاری ہے۔ عوامی حلقوں نے اس پیشرفت کا خیرمقدم کیا ہے اور امید ظاہر کی ہے کہ ملک میں سیاسی استحکام آئے گا۔ ضلعی انتظامیہ نے شہریوں کی سہولت کے لیے مختلف اقدامات کیے ہیں جن میں صفائی ستھرائی اور ٹریفک کے نظام کی بہتری شامل ہے۔ اس موقع پر شرکا نے کہا کہ ترقیاتی منصوبوں کی بروقت تکمیل یقینی بنائی جائے گی۔

حکومت نے سیاسی جماعتوں کے ساتھ مذاکرات کا سلسلہ جاری رکھنے کا اعلان کیا ہے اور اس سلسلے میں آئندہ اجلاس کی تاریخ بھی مقرر کر دی گئی ہے۔ ذرائع کے مطابق فریقین کے درمیان مختلف نکات پر اتفاق رائے ہو چکا ہے جبکہ باقی امور پر بات چیت جاری ہے۔ عوامی حلقوں نے اس پیشرفت کا خیرمقدم کیا ہے اور امید ظاہر کی ہے کہ ملک میں سیاسی استحکام آئے گا۔ ضلعی انتظامیہ نے شہریوں کی سہولت کے لیے مختلف اقدامات کیے ہیں جن میں صفائی ستھرائی اور ٹریفک کے نظام کی بہتری شامل ہے۔ اس موقع پر شرکا نے کہا کہ ترقیاتی منصوبوں کی بروقت تکمیل یقینی بنائی جائے گی۔

خبر نمبر 23

حکومت نے سیاسی جماعتوں کے ساتھ مذاکرات کا سلسلہ جاری رکھنے کا اعلان کیا ہے اور اس سلسلے میں آئندہ اجلاس کی تاریخ بھی مقرر کر دی گئی ہے۔ ذرائع کے مطابق فریقین کے درمیان مختلف نکات پر اتفاق رائے ہو چکا ہے جبکہ باقی امور پر بات چیت جاری ہے۔ عوامی حلقوں نے اس پیشرفت کا خیرمقدم کیا ہے اور امید ظاہر کی ہے کہ ملک میں سیاسی استحکام آئے گا۔ ضلعی انتظامیہ نے شہریوں کی سہولت کے لیے مختلف اقدامات کیے ہیں جن میں صفائی ستھرائی اور ٹریفک کے نظام کی بہتری شامل ہے۔ اس موقع پر شرکا نے کہا کہ ترقیاتی منصوبوں کی بروقت تکمیل یقینی بنائی جائے گی۔

حکومت نے سیاسی جماعتوں کے ساتھ مذاکرات کا سلسلہ جاری رکھنے کا اعلان کیا ہے اور اس سلسلے میں آئندہ اجلاس کی تاریخ بھی مقرر کر دی گئی ہے۔ ذرائع کے مطابق فریقین کے درمیان مختلف نکات پر اتفاق رائے ہو چکا ہے جبکہ باقی امور پر بات چیت جاری ہے۔ عوامی حلقوں نے اس پیشرفت کا خیرمقدم کیا ہے اور امید ظاہر کی ہے کہ ملک میں سیاسی استحکام آئے گا۔ ضلعی انتظامیہ نے شہریوں کی سہولت کے لیے مختلف اقدامات کیے ہیں جن میں صفائی ستھرائی اور ٹریفک کے نظام کی بہتری شامل ہے۔ اس موقع پر شرکا نے کہا کہ ترقیاتی منصوبوں کی بروقت تکمیل یقینی بنائی جائے گی۔

حکومت نے سیاسی جماعتوں کے ساتھ مذاکرات کا سلسلہ جاری رکھنے کا اعلان کیا ہے اور اس سلسلے میں آئندہ اجلاس کی تاریخ بھی مقرر کر دی گئی ہے۔ ذرائع کے مطابق فریقین کے درمیان مختلف نکات پر اتفاق رائے ہو چکا ہے جبکہ باقی امور پر بات چیت جاری ہے۔ عوامی حلقوں نے اس پیشرفت کا خیرمقدم کیا ہے اور امید ظاہر کی ہے کہ ملک میں سیاسی استحکام آئے گا۔ ضلعی انتظامیہ نے شہریوں کی سہولت کے لیے مختلف اقدامات کیے ہیں جن میں صفائی ستھرائی اور ٹریفک کے نظام کی بہتری شامل ہے۔ اس موقع پر شرکا نے کہا کہ ترقیاتی منصوبوں کی بروقت تکمیل یقینی بنائی جائے گی۔

حکومت نے سیاسی جماعتوں کے ساتھ مذاکرات کا سلسلہ جاری رکھنے کا اعلان کیا ہے اور اس سلسلے میں آئندہ اجلاس کی تاریخ بھی مقرر کر دی گئی ہے۔ ذرائع کے مطابق فریقین کے درمیان مختلف نکات پر اتفاق رائے ہو چکا ہے جبکہ باقی امور پر بات چیت جاری ہے۔ عوامی حلقوں نے اس پیشرفت کا خیرمقدم کیا ہے اور امید ظاہر کی ہے کہ ملک میں سیاسی استحکام آئے گا۔ ضلعی انتظامیہ نے شہریوں کی سہولت کے لیے مختلف اقدامات کیے ہیں جن میں صفائی ستھرائی اور ٹریفک کے نظام کی بہتری شامل ہے۔ اس موقع پر شرکا نے کہا کہ ترقیاتی منصوبوں کی بروقت تکمیل یقینی بنائی جائے گی۔

حکومت نے سیاسی جماعتوں کے ساتھ مذاکرات کا سلسلہ جاری رکھنے کا اعلان کیا ہے اور اس سلسلے میں آئندہ اجلاس کی تاریخ بھی مقرر کر دی گئی ہے۔ ذرائع کے مطابق فریقین کے درمیان مختلف نکات پر اتفاق رائے ہو چکا ہے جبکہ باقی امور پر بات چیت جاری ہے۔ عوامی حلقوں نے اس پیشرفت کا خیرمقدم کیا ہے اور امید ظاہر کی ہے کہ ملک میں سیاسی استحکام آئے گا۔ ضلعی انتظامیہ نے شہریوں کی سہولت کے لیے مختلف اقدامات کیے ہیں جن میں صفائی ستھرائی اور ٹریفک کے نظام کی بہتری شامل ہے۔ اس موقع پر شرکا نے کہا کہ ترقیاتی منصوبوں کی بروقت تکمیل یقینی بنائی جائے گی۔

حکومت نے سیاسی جماعتوں کے ساتھ مذاکرات کا سلسلہ جاری رکھنے کا اعلان کیا ہے اور اس سلسلے میں آئندہ اجلاس کی تاریخ بھی مقرر کر دی گئی ہے۔ ذرائع کے مطابق فریقین کے درمیان مختلف نکات پر اتفاق رائے ہو چکا ہے جبکہ باقی امور پر بات چیت جاری ہے۔ عوامی حلقوں نے اس پیشرفت کا خیرمقدم کیا ہے اور امید ظاہر کی ہے کہ ملک میں سیاسی استحکام آئے گا۔ ضلعی انتظامیہ نے شہریوں کی سہولت کے لیے مختلف اقدامات کیے ہیں جن میں صفائی ستھرائی اور ٹریفک کے نظام کی بہتری شامل ہے۔ اس موقع پر شرکا نے کہا کہ ترقیاتی منصوبوں کی بروقت تکمیل یقینی بنائی جائے گی۔

خبر نمبر 24

حکومت نے سیاسی جماعتوں کے ساتھ مذاکرات کا سلسلہ جاری رکھنے کا اعلان کیا ہے اور اس سلسلے میں آئندہ اجلاس کی تاریخ بھی مقرر کر دی گئی ہے۔ ذرائع کے مطابق فریقین کے درمیان مختلف نکات پر اتفاق رائے ہو چکا ہے جبکہ باقی امور پر بات چیت جاری ہے۔ عوامی حلقوں نے اس پیشرفت کا خیرمقدم کیا ہے اور امید ظاہر کی ہے کہ ملک میں سیاسی استحکام آئے گا۔ ضلعی انتظامیہ نے شہریوں کی سہولت کے لیے مختلف اقدامات کیے ہیں جن میں صفائی ستھرائی اور ٹریفک کے نظام کی بہتری شامل ہے۔ اس موقع پر شرکا نے کہا کہ ترقیاتی منصوبوں کی بروقت تکمیل یقینی بنائی جائے گی۔

حکومت نے سیاسی جماعتوں کے ساتھ مذاکرات کا سلسلہ جاری رکھنے کا اعلان کیا ہے اور اس سلسلے میں آئندہ اجلاس کی تاریخ بھی مقرر کر دی گئی ہے۔ ذرائع کے مطابق فریقین کے درمیان مختلف نکات پر اتفاق رائے ہو چکا ہے جبکہ باقی امور پر بات چیت جاری ہے۔ عوامی حلقوں نے اس پیشرفت کا خیرمقدم کیا ہے اور امید ظاہر کی ہے کہ ملک میں سیاسی استحکام آئے گا۔ ضلعی انتظامیہ نے شہریوں کی سہولت کے لیے مختلف اقدامات کیے ہیں جن میں صفائی ستھرائی اور ٹریفک کے نظام کی بہتری شامل ہے۔ اس موقع پر شرکا نے کہا کہ ترقیاتی منصوبوں کی بروقت تکمیل یقینی بنائی جائے گی۔

حکومت نے سیاسی جماعتوں کے ساتھ مذاکرات کا سلسلہ جاری رکھنے کا اعلان کیا ہے اور اس سلسلے میں آئندہ اجلاس کی تاریخ بھی مقرر کر دی گئی ہے۔ ذرائع کے مطابق فریقین کے درمیان مختلف نکات پر اتفاق رائے ہو چکا ہے جبکہ باقی امور پر بات چیت جاری ہے۔ عوامی حلقوں نے اس پیشرفت کا خیرمقدم کیا ہے اور امید ظاہر کی ہے کہ ملک میں سیاسی استحکام آئے گا۔ ضلعی انتظامیہ نے شہریوں کی سہولت کے لیے مختلف اقدامات کیے ہیں جن میں صفائی ستھرائی اور ٹریفک کے نظام کی بہتری شامل ہے۔ اس موقع پر شرکا نے کہا کہ ترقیاتی منصوبوں کی بروقت تکمیل یقینی بنائی جائے گی۔

خبر نمبر 25

حکومت نے سیاسی جماعتوں کے ساتھ مذاکرات کا سلسلہ جاری رکھنے کا اعلان کیا ہے اور اس سلسلے میں آئندہ اجلاس کی تاریخ بھی مقرر کر دی گئی ہے۔ ذرائع کے مطابق فریقین کے درمیان مختلف نکات پر اتفاق رائے ہو چکا ہے جبکہ باقی امور پر بات چیت جاری ہے۔ عوامی حلقوں نے اس پیشرفت کا خیرمقدم کیا ہے اور امید ظاہر کی ہے کہ ملک میں سیاسی استحکام آئے گا۔ ضلعی انتظامیہ نے شہریوں کی سہولت کے لیے مختلف اقدامات کیے ہیں جن میں صفائی ستھرائی اور ٹریفک کے نظام کی بہتری شامل ہے۔ اس موقع پر شرکا نے کہا کہ ترقیاتی منصوبوں کی بروقت تکمیل یقینی بنائی جائے گی۔

حکومت نے سیاسی جماعتوں کے ساتھ مذاکرات کا سلسلہ جاری رکھنے کا اعلان کیا ہے اور اس سلسلے میں آئندہ اجلاس کی تاریخ بھی مقرر کر دی گئی ہے۔ ذرائع کے مطابق فریقین کے درمیان مختلف نکات پر اتفاق رائے ہو چکا ہے جبکہ باقی امور پر بات چیت جاری ہے۔ عوامی حلقوں نے اس پیشرفت کا خیرمقدم کیا ہے اور امید ظاہر کی ہے کہ ملک میں سیاسی استحکام آئے گا۔ ضلعی انتظامیہ نے شہریوں کی سہولت کے لیے مختلف اقدامات کیے ہیں جن میں صفائی ستھرائی اور ٹریفک کے نظام کی بہتری شامل ہے۔ اس موقع پر شرکا نے کہا کہ ترقیاتی منصوبوں کی بروقت تکمیل یقینی بنائی جائے گی۔

حکومت نے سیاسی جماعتوں کے ساتھ مذاکرات کا سلسلہ جاری رکھنے کا اعلان کیا ہے اور اس سلسلے میں آئندہ اجلاس کی تاریخ بھی مقرر کر دی گئی ہے۔ ذرائع کے مطابق فریقین کے درمیان مختلف نکات پر اتفاق رائے ہو چکا ہے جبکہ باقی امور پر بات چیت جاری ہے۔ عوامی حلقوں نے اس پیشرفت کا خیرمقدم کیا ہے اور امید ظاہر کی ہے کہ ملک میں سیاسی استحکام آئے گا۔ ضلعی انتظامیہ نے شہریوں کی سہولت کے لیے مختلف اقدامات کیے ہیں جن میں صفائی ستھرائی اور ٹریفک کے نظام کی بہتری شامل ہے۔ اس موقع پر شرکا نے کہا کہ ترقیاتی منصوبوں کی بروقت تکمیل یقینی بنائی جائے گی۔

حکومت نے سیاسی جماعتوں کے ساتھ مذاکرات کا سلسلہ جاری رکھنے کا اعلان کیا ہے اور اس سلسلے میں آئندہ اجلاس کی تاریخ بھی مقرر کر دی گئی ہے۔ ذرائع کے مطابق فریقین کے درمیان مختلف نکات پر اتفاق رائے ہو چکا ہے جبکہ باقی امور پر بات چیت جاری ہے۔ عوامی حلقوں نے اس پیشرفت کا خیرمقدم کیا ہے اور امید ظاہر کی ہے کہ ملک میں سیاسی استحکام آئے گا۔ ضلعی انتظامیہ نے شہریوں کی سہولت کے لیے مختلف اقدامات کیے ہیں جن میں صفائی ستھرائی اور ٹریفک کے نظام کی بہتری شامل ہے۔ اس موقع پر شرکا نے کہا کہ ترقیاتی منصوبوں کی بروقت تکمیل یقینی بنائی جائے گی۔

خبر نمبر 26

حکومت نے سیاسی جماعتوں کے ساتھ مذاکرات کا سلسلہ جاری رکھنے کا اعلان کیا ہے اور اس سلسلے میں آئندہ اجلاس کی تاریخ بھی مقرر کر دی گئی ہے۔ ذرائع کے مطابق فریقین کے درمیان مختلف نکات پر اتفاق رائے ہو چکا ہے جبکہ باقی امور پر بات چیت جاری ہے۔ عوامی حلقوں نے اس پیشرفت کا خیرمقدم کیا ہے اور امید ظاہر کی ہے کہ ملک میں سیاسی استحکام آئے گا۔ ضلعی انتظامیہ نے شہریوں کی سہولت کے لیے مختلف اقدامات کیے ہیں جن میں صفائی ستھرائی اور ٹریفک کے نظام کی بہتری شامل ہے۔ اس موقع پر شرکا نے کہا کہ ترقیاتی منصوبوں کی بروقت تکمیل یقینی بنائی جائے گی۔

حکومت نے سیاسی جماعتوں کے ساتھ مذاکرات کا سلسلہ جاری رکھنے کا اعلان کیا ہے اور اس سلسلے میں آئندہ اجلاس کی تاریخ بھی مقرر کر دی گئی ہے۔ ذرائع کے مطابق فریقین کے درمیان مختلف نکات پر اتفاق رائے ہو چکا ہے جبکہ باقی امور پر بات چیت جاری ہے۔ عوامی حلقوں نے اس پیشرفت کا خیرمقدم کیا ہے اور امید ظاہر کی ہے کہ ملک میں سیاسی استحکام آئے گا۔ ضلعی انتظامیہ نے شہریوں کی سہولت کے لیے مختلف اقدامات کیے ہیں جن میں صفائی ستھرائی اور ٹریفک کے نظام کی بہتری شامل ہے۔ اس موقع پر شرکا نے کہا کہ ترقیاتی منصوبوں کی بروقت تکمیل یقینی بنائی جائے گی۔

خبر نمبر 27
خبر نمبر 28

حکومت نے سیاسی جماعتوں کے ساتھ مذاکرات کا سلسلہ جاری رکھنے کا اعلان کیا ہے اور اس سلسلے میں آئندہ اجلاس کی تاریخ بھی مقرر کر دی گئی ہے۔ ذرائع کے مطابق فریقین کے درمیان مختلف نکات پر اتفاق رائے ہو چکا ہے جبکہ باقی امور پر بات چیت جاری ہے۔ عوامی حلقوں نے اس پیشرفت کا خیرمقدم کیا ہے اور امید ظاہر کی ہے کہ ملک میں سیاسی استحکام آئے گا۔ ضلعی انتظامیہ نے شہریوں کی سہولت کے لیے مختلف اقدامات کیے ہیں جن میں صفائی ستھرائی اور ٹریفک کے نظام کی بہتری شامل ہے۔ اس موقع پر شرکا نے کہا کہ ترقیاتی منصوبوں کی بروقت تکمیل یقینی بنائی جائے گی۔

خبر نمبر 29
خبر نمبر 30
خبر نمبر 31

حکومت نے سیاسی جماعتوں کے ساتھ مذاکرات کا سلسلہ جاری رکھنے کا اعلان کیا ہے اور اس سلسلے میں آئندہ اجلاس کی تاریخ بھی مقرر کر دی گئی ہے۔ ذرائع کے مطابق فریقین کے درمیان مختلف نکات پر اتفاق رائے ہو چکا ہے جبکہ باقی امور پر بات چیت جاری ہے۔ عوامی حلقوں نے اس پیشرفت کا خیرمقدم کیا ہے اور امید ظاہر کی ہے کہ ملک میں سیاسی استحکام آئے گا۔ ضلعی انتظامیہ نے شہریوں کی سہولت کے لیے مختلف اقدامات کیے ہیں جن میں صفائی ستھرائی اور ٹریفک کے نظام کی بہتری شامل ہے۔ اس موقع پر شرکا نے کہا کہ ترقیاتی منصوبوں کی بروقت تکمیل یقینی بنائی جائے گی۔

خبر نمبر 32

حکومت نے سیاسی جماعتوں کے ساتھ مذاکرات کا سلسلہ جاری رکھنے کا اعلان کیا ہے اور اس سلسلے میں آئندہ اجلاس کی تاریخ بھی مقرر کر دی گئی ہے۔ ذرائع کے مطابق فریقین کے درمیان مختلف نکات پر اتفاق رائے ہو چکا ہے جبکہ باقی امور پر بات چیت جاری ہے۔ عوامی حلقوں نے اس پیشرفت کا خیرمقدم کیا ہے اور امید ظاہر کی ہے کہ ملک میں سیاسی استحکام آئے گا۔ ضلعی انتظامیہ نے شہریوں کی سہولت کے لیے مختلف اقدامات کیے ہیں جن میں صفائی ستھرائی اور ٹریفک کے نظام کی بہتری شامل ہے۔ اس موقع پر شرکا نے کہا کہ ترقیاتی منصوبوں کی بروقت تکمیل یقینی بنائی جائے گی۔

خبر نمبر 33
خبر نمبر 34
خبر نمبر 35
خبر نمبر 36

حکومت نے سیاسی جماعتوں کے ساتھ مذاکرات کا سلسلہ جاری رکھنے کا اعلان کیا ہے اور اس سلسلے میں آئندہ اجلاس کی تاریخ بھی مقرر کر دی گئی ہے۔ ذرائع کے مطابق فریقین کے درمیان مختلف نکات پر اتفاق رائے ہو چکا ہے جبکہ باقی امور پر بات چیت جاری ہے۔ عوامی حلقوں نے اس پیشرفت کا خیرمقدم کیا ہے اور امید ظاہر کی ہے کہ ملک میں سیاسی استحکام آئے گا۔ ضلعی انتظامیہ نے شہریوں کی سہولت کے لیے مختلف اقدامات کیے ہیں جن میں صفائی ستھرائی اور ٹریفک کے نظام کی بہتری شامل ہے۔ اس موقع پر شرکا نے کہا کہ ترقیاتی منصوبوں کی بروقت تکمیل یقینی بنائی جائے گی۔

حکومت نے سیاسی جماعتوں کے ساتھ مذاکرات کا سلسلہ جاری رکھنے کا اعلان کیا ہے اور اس سلسلے میں آئندہ اجلاس کی تاریخ بھی مقرر کر دی گئی ہے۔ ذرائع کے مطابق فریقین کے درمیان مختلف نکات پر اتفاق رائے ہو چکا ہے جبکہ باقی امور پر بات چیت جاری ہے۔ عوامی حلقوں نے اس پیشرفت کا خیرمقدم کیا ہے اور امید ظاہر کی ہے کہ ملک میں سیاسی استحکام آئے گا۔ ضلعی انتظامیہ نے شہریوں کی سہولت کے لیے مختلف اقدامات کیے ہیں جن میں صفائی ستھرائی اور ٹریفک کے نظام کی بہتری شامل ہے۔ اس موقع پر شرکا نے کہا کہ ترقیاتی منصوبوں کی بروقت تکمیل یقینی بنائی جائے گی۔

خبر نمبر 37

حکومت نے سیاسی جماعتوں کے ساتھ مذاکرات کا سلسلہ جاری رکھنے کا اعلان کیا ہے اور اس سلسلے میں آئندہ اجلاس کی تاریخ بھی مقرر کر دی گئی ہے۔ ذرائع کے مطابق فریقین کے درمیان مختلف نکات پر اتفاق رائے ہو چکا ہے جبکہ باقی امور پر بات چیت جاری ہے۔ عوامی حلقوں نے اس پیشرفت کا خیرمقدم کیا ہے اور امید ظاہر کی ہے کہ ملک میں سیاسی استحکام آئے گا۔ ضلعی انتظامیہ نے شہریوں کی سہولت کے لیے مختلف اقدامات کیے ہیں جن میں صفائی ستھرائی اور ٹریفک کے نظام کی بہتری شامل ہے۔ اس موقع پر شرکا نے کہا کہ ترقیاتی منصوبوں کی بروقت تکمیل یقینی بنائی جائے گی۔

حکومت نے سیاسی جماعتوں کے ساتھ مذاکرات کا سلسلہ جاری رکھنے کا اعلان کیا ہے اور اس سلسلے میں آئندہ اجلاس کی تاریخ بھی مقرر کر دی گئی ہے۔ ذرائع کے مطابق فریقین کے درمیان مختلف نکات پر اتفاق رائے ہو چکا ہے جبکہ باقی امور پر بات چیت جاری ہے۔ عوامی حلقوں نے اس پیشرفت کا خیرمقدم کیا ہے اور امید ظاہر کی ہے کہ ملک میں سیاسی استحکام آئے گا۔ ضلعی انتظامیہ نے شہریوں کی سہولت کے لیے مختلف اقدامات کیے ہیں جن میں صفائی ستھرائی اور ٹریفک کے نظام کی بہتری شامل ہے۔ اس موقع پر شرکا نے کہا کہ ترقیاتی منصوبوں کی بروقت تکمیل یقینی بنائی جائے گی۔

خبر نمبر 38

حکومت نے سیاسی جماعتوں کے ساتھ مذاکرات کا سلسلہ جاری رکھنے کا اعلان کیا ہے اور اس سلسلے میں آئندہ اجلاس کی تاریخ بھی مقرر کر دی گئی ہے۔ ذرائع کے مطابق فریقین کے درمیان مختلف نکات پر اتفاق رائے ہو چکا ہے جبکہ باقی امور پر بات چیت جاری ہے۔ عوامی حلقوں نے اس پیشرفت کا خیرمقدم کیا ہے اور امید ظاہر کی ہے کہ ملک میں سیاسی استحکام آئے گا۔ ضلعی انتظامیہ نے شہریوں کی سہولت کے لیے مختلف اقدامات کیے ہیں جن میں صفائی ستھرائی اور ٹریفک کے نظام کی بہتری شامل ہے۔ اس موقع پر شرکا نے کہا کہ ترقیاتی منصوبوں کی بروقت تکمیل یقینی بنائی جائے گی۔

حکومت نے سیاسی جماعتوں کے ساتھ مذاکرات کا سلسلہ جاری رکھنے کا اعلان کیا ہے اور اس سلسلے میں آئندہ اجلاس کی تاریخ بھی مقرر کر دی گئی ہے۔ ذرائع کے مطابق فریقین کے درمیان مختلف نکات پر اتفاق رائے ہو چکا ہے جبکہ باقی امور پر بات چیت جاری ہے۔ عوامی حلقوں نے اس پیشرفت کا خیرمقدم کیا ہے اور امید ظاہر کی ہے کہ ملک میں سیاسی استحکام آئے گا۔ ضلعی انتظامیہ نے شہریوں کی سہولت کے لیے مختلف اقدامات کیے ہیں جن میں صفائی ستھرائی اور ٹریفک کے نظام کی بہتری شامل ہے۔ اس موقع پر شرکا نے کہا کہ ترقیاتی منصوبوں کی بروقت تکمیل یقینی بنائی جائے گی۔

خبر نمبر 39

حکومت نے سیاسی جماعتوں کے ساتھ مذاکرات کا سلسلہ جاری رکھنے کا اعلان کیا ہے اور اس سلسلے میں آئندہ اجلاس کی تاریخ بھی مقرر کر دی گئی ہے۔ ذرائع کے مطابق فریقین کے درمیان مختلف نکات پر اتفاق رائے ہو چکا ہے جبکہ باقی امور پر بات چیت جاری ہے۔ عوامی حلقوں نے اس پیشرفت کا خیرمقدم کیا ہے اور امید ظاہر کی ہے کہ ملک میں سیاسی استحکام آئے گا۔ ضلعی انتظامیہ نے شہریوں کی سہولت کے لیے مختلف اقدامات کیے ہیں جن میں صفائی ستھرائی اور ٹریفک کے نظام کی بہتری شامل ہے۔ اس موقع پر شرکا نے کہا کہ ترقیاتی منصوبوں کی بروقت تکمیل یقینی بنائی جائے گی۔

حکومت نے سیاسی جماعتوں کے ساتھ مذاکرات کا سلسلہ جاری رکھنے کا اعلان کیا ہے اور اس سلسلے میں آئندہ اجلاس کی تاریخ بھی مقرر کر دی گئی ہے۔ ذرائع کے مطابق فریقین کے درمیان مختلف نکات پر اتفاق رائے ہو چکا ہے جبکہ باقی امور پر بات چیت جاری ہے۔ عوامی حلقوں نے اس پیشرفت کا خیرمقدم کیا ہے اور امید ظاہر کی ہے کہ ملک میں سیاسی استحکام آئے گا۔ ضلعی انتظامیہ نے شہریوں کی سہولت کے لیے مختلف اقدامات کیے ہیں جن میں صفائی ستھرائی اور ٹریفک کے نظام کی بہتری شامل ہے۔ اس موقع پر شرکا نے کہا کہ ترقیاتی منصوبوں کی بروقت تکمیل یقینی بنائی جائے گی۔

خبر نمبر 40

حکومت نے سیاسی جماعتوں کے ساتھ مذاکرات کا سلسلہ جاری رکھنے کا اعلان کیا ہے اور اس سلسلے میں آئندہ اجلاس کی تاریخ بھی مقرر کر دی گئی ہے۔ ذرائع کے مطابق فریقین کے درمیان مختلف نکات پر اتفاق رائے ہو چکا ہے جبکہ باقی امور پر بات چیت جاری ہے۔ عوامی حلقوں نے اس پیشرفت کا خیرمقدم کیا ہے اور امید ظاہر کی ہے کہ ملک میں سیاسی استحکام آئے گا۔ ضلعی انتظامیہ نے شہریوں کی سہولت کے لیے مختلف اقدامات کیے ہیں جن میں صفائی ستھرائی اور ٹریفک کے نظام کی بہتری شامل ہے۔ اس موقع پر شرکا نے کہا کہ ترقیاتی منصوبوں کی بروقت تکمیل یقینی بنائی جائے گی۔

حکومت نے سیاسی جماعتوں کے ساتھ مذاکرات کا سلسلہ جاری رکھنے کا اعلان کیا ہے اور اس سلسلے میں آئندہ اجلاس کی تاریخ بھی مقرر کر دی گئی ہے۔ ذرائع کے مطابق فریقین کے درمیان مختلف نکات پر اتفاق رائے ہو چکا ہے جبکہ باقی امور پر بات چیت جاری ہے۔ عوامی حلقوں نے اس پیشرفت کا خیرمقدم کیا ہے اور امید ظاہر کی ہے کہ ملک میں سیاسی استحکام آئے گا۔ ضلعی انتظامیہ نے شہریوں کی سہولت کے لیے مختلف اقدامات کیے ہیں جن میں صفائی ستھرائی اور ٹریفک کے نظام کی بہتری شامل ہے۔ اس موقع پر شرکا نے کہا کہ ترقیاتی منصوبوں کی بروقت تکمیل یقینی بنائی جائے گی۔

خبر نمبر 41

حکومت نے سیاسی جماعتوں کے ساتھ مذاکرات کا سلسلہ جاری رکھنے کا اعلان کیا ہے اور اس سلسلے میں آئندہ اجلاس کی تاریخ بھی مقرر کر دی گئی ہے۔ ذرائع کے مطابق فریقین کے درمیان مختلف نکات پر اتفاق رائے ہو چکا ہے جبکہ باقی امور پر بات چیت جاری ہے۔ عوامی حلقوں نے اس پیشرفت کا خیرمقدم کیا ہے اور امید ظاہر کی ہے کہ ملک میں سیاسی استحکام آئے گا۔ ضلعی انتظامیہ نے شہریوں کی سہولت کے لیے مختلف اقدامات کیے ہیں جن میں صفائی ستھرائی اور ٹریفک کے نظام کی بہتری شامل ہے۔ اس موقع پر شرکا نے کہا کہ ترقیاتی منصوبوں کی بروقت تکمیل یقینی بنائی جائے گی۔

اطلاع عام

حکومت نے سیاسی جماعتوں کے ساتھ مذاکرات کا سلسلہ جاری رکھنے کا اعلان کیا ہے اور اس سلسلے میں آئندہ اجلاس کی تاریخ بھی مقرر کر دی گئی ہے۔ ذرائع کے مطابق فریقین کے درمیان مختلف نکات پر اتفاق رائے ہو چکا ہے جبکہ باقی امور پر بات چیت جاری ہے۔ عوامی حلقوں نے اس پیشرفت کا خیرمقدم کیا ہے اور امید ظاہر کی ہے کہ ملک میں سیاسی استحکام آئے گا۔ ضلعی انتظامیہ نے شہریوں کی سہولت کے لیے مختلف اقدامات کیے ہیں جن میں صفائی ستھرائی اور ٹریفک کے نظام کی بہتری شامل ہے۔ اس موقع پر شرکا نے کہا کہ ترقیاتی منصوبوں کی بروقت تکمیل یقینی بنائی جائے گی۔

اطلاع عام

حکومت نے سیاسی جماعتوں کے ساتھ مذاکرات کا سلسلہ جاری رکھنے کا اعلان کیا ہے اور اس سلسلے میں آئندہ اجلاس کی تاریخ بھی مقرر کر دی گئی ہے۔ ذرائع کے مطابق فریقین کے درمیان مختلف نکات پر اتفاق رائے ہو چکا ہے جبکہ باقی امور پر بات چیت جاری ہے۔ عوامی حلقوں نے اس پیشرفت کا خیرمقدم کیا ہے اور امید ظاہر کی ہے کہ ملک میں سیاسی استحکام آئے گا۔ ضلعی انتظامیہ نے شہریوں کی سہولت کے لیے مختلف اقدامات کیے ہیں جن میں صفائی ستھرائی اور ٹریفک کے نظام کی بہتری شامل ہے۔ اس موقع پر شرکا نے کہا کہ ترقیاتی منصوبوں کی بروقت تکمیل یقینی بنائی جائے گی۔

درستگی نام

حکومت نے سیاسی جماعتوں کے ساتھ مذاکرات کا سلسلہ جاری رکھنے کا اعلان کیا ہے اور اس سلسلے میں آئندہ اجلاس کی تاریخ بھی مقرر کر دی گئی ہے۔ ذرائع کے مطابق فریقین کے درمیان مختلف نکات پر اتفاق رائے ہو چکا ہے جبکہ باقی امور پر بات چیت جاری ہے۔ عوامی حلقوں نے اس پیشرفت کا خیرمقدم کیا ہے اور امید ظاہر کی ہے کہ ملک میں سیاسی استحکام آئے گا۔ ضلعی انتظامیہ نے شہریوں کی سہولت کے لیے مختلف اقدامات کیے ہیں جن میں صفائی ستھرائی اور ٹریفک کے نظام کی بہتری شامل ہے۔ اس موقع پر شرکا نے کہا کہ ترقیاتی منصوبوں کی بروقت تکمیل یقینی بنائی جائے گی۔

انتقال وراثت

حکومت نے سیاسی جماعتوں کے ساتھ مذاکرات کا سلسلہ جاری رکھنے کا اعلان کیا ہے اور اس سلسلے میں آئندہ اجلاس کی تاریخ بھی مقرر کر دی گئی ہے۔ ذرائع کے مطابق فریقین کے درمیان مختلف نکات پر اتفاق رائے ہو چکا ہے جبکہ باقی امور پر بات چیت جاری ہے۔ عوامی حلقوں نے اس پیشرفت کا خیرمقدم کیا ہے اور امید ظاہر کی ہے کہ ملک میں سیاسی استحکام آئے گا۔ ضلعی انتظامیہ نے شہریوں کی سہولت کے لیے مختلف اقدامات کیے ہیں جن میں صفائی ستھرائی اور ٹریفک کے نظام کی بہتری شامل ہے۔ اس موقع پر شرکا نے کہا کہ ترقیاتی منصوبوں کی بروقت تکمیل یقینی بنائی جائے گی۔

اطلاع عام

حکومت نے سیاسی جماعتوں کے ساتھ مذاکرات کا سلسلہ جاری رکھنے کا اعلان کیا ہے اور اس سلسلے میں آئندہ اجلاس کی تاریخ بھی مقرر کر دی گئی ہے۔ ذرائع کے مطابق فریقین کے درمیان مختلف نکات پر اتفاق رائے ہو چکا ہے جبکہ باقی امور پر بات چیت جاری ہے۔ عوامی حلقوں نے اس پیشرفت کا خیرمقدم کیا ہے اور امید ظاہر کی ہے کہ ملک میں سیاسی استحکام آئے گا۔ ضلعی انتظامیہ نے شہریوں کی سہولت کے لیے مختلف اقدامات کیے ہیں جن میں صفائی ستھرائی اور ٹریفک کے نظام کی بہتری شامل ہے۔ اس موقع پر شرکا نے کہا کہ ترقیاتی منصوبوں کی بروقت تکمیل یقینی بنائی جائے گی۔

خبر نمبر 42

حکومت نے سیاسی جماعتوں کے ساتھ مذاکرات کا سلسلہ جاری رکھنے کا اعلان کیا ہے اور اس سلسلے میں آئندہ اجلاس کی تاریخ بھی مقرر کر دی گئی ہے۔ ذرائع کے مطابق فریقین کے درمیان مختلف نکات پر اتفاق رائے ہو چکا ہے جبکہ باقی امور پر بات چیت جاری ہے۔ عوامی حلقوں نے اس پیشرفت کا خیرمقدم کیا ہے اور امید ظاہر کی ہے کہ ملک میں سیاسی استحکام آئے گا۔ ضلعی انتظامیہ نے شہریوں کی سہولت کے لیے مختلف اقدامات کیے ہیں جن میں صفائی ستھرائی اور ٹریفک کے نظام کی بہتری شامل ہے۔ اس موقع پر شرکا نے کہا کہ ترقیاتی منصوبوں کی بروقت تکمیل یقینی بنائی جائے گی۔

درستگی نام ولدیت
MUHAMMADSHAFIQUE
MUHAMMADSHAFIQ

حکومت نے سیاسی جماعتوں کے ساتھ مذاکرات کا سلسلہ جاری رکھنے کا اعلان کیا ہے اور اس سلسلے میں آئندہ اجلاس کی تاریخ بھی مقرر کر دی گئی ہے۔ ذرائع کے مطابق فریقین کے درمیان مختلف نکات پر اتفاق رائے ہو چکا ہے جبکہ باقی امور پر بات چیت جاری ہے۔ عوامی حلقوں نے اس پیشرفت کا خیرمقدم کیا ہے اور امید ظاہر کی ہے کہ ملک میں سیاسی استحکام آئے گا۔ ضلعی انتظامیہ نے شہریوں کی سہولت کے لیے مختلف اقدامات کیے ہیں جن میں صفائی ستھرائی اور ٹریفک کے نظام کی بہتری شامل ہے۔ اس موقع پر شرکا نے کہا کہ ترقیاتی منصوبوں کی بروقت تکمیل یقینی بنائی جائے گی۔

اطلاع عام

حکومت نے سیاسی جماعتوں کے ساتھ مذاکرات کا سلسلہ جاری رکھنے کا اعلان کیا ہے اور اس سلسلے میں آئندہ اجلاس کی تاریخ بھی مقرر کر دی گئی ہے۔ ذرائع کے مطابق فریقین کے درمیان مختلف نکات پر اتفاق رائے ہو چکا ہے جبکہ باقی امور پر بات چیت جاری ہے۔ عوامی حلقوں نے اس پیشرفت کا خیرمقدم کیا ہے اور امید ظاہر کی ہے کہ ملک میں سیاسی استحکام آئے گا۔ ضلعی انتظامیہ نے شہریوں کی سہولت کے لیے مختلف اقدامات کیے ہیں جن میں صفائی ستھرائی اور ٹریفک کے نظام کی بہتری شامل ہے۔ اس موقع پر شرکا نے کہا کہ ترقیاتی منصوبوں کی بروقت تکمیل یقینی بنائی جائے گی۔

منجانب: سائل، تحصیل و ضلع ایبٹ آباد
اطلاع عام

حکومت نے سیاسی جماعتوں کے ساتھ مذاکرات کا سلسلہ جاری رکھنے کا اعلان کیا ہے اور اس سلسلے میں آئندہ اجلاس کی تاریخ بھی مقرر کر دی گئی ہے۔ ذرائع کے مطابق فریقین کے درمیان مختلف نکات پر اتفاق رائے ہو چکا ہے جبکہ باقی امور پر بات چیت جاری ہے۔ عوامی حلقوں نے اس پیشرفت کا خیرمقدم کیا ہے اور امید ظاہر کی ہے کہ ملک میں سیاسی استحکام آئے گا۔ ضلعی انتظامیہ نے شہریوں کی سہولت کے لیے مختلف اقدامات کیے ہیں جن میں صفائی ستھرائی اور ٹریفک کے نظام کی بہتری شامل ہے۔ اس موقع پر شرکا نے کہا کہ ترقیاتی منصوبوں کی بروقت تکمیل یقینی بنائی جائے گی۔

اطلاع عام

حکومت نے سیاسی جماعتوں کے ساتھ مذاکرات کا سلسلہ جاری رکھنے کا اعلان کیا ہے اور اس سلسلے میں آئندہ اجلاس کی تاریخ بھی مقرر کر دی گئی ہے۔ ذرائع کے مطابق فریقین کے درمیان مختلف نکات پر اتفاق رائے ہو چکا ہے جبکہ باقی امور پر بات چیت جاری ہے۔ عوامی حلقوں نے اس پیشرفت کا خیرمقدم کیا ہے اور امید ظاہر کی ہے کہ ملک میں سیاسی استحکام آئے گا۔ ضلعی انتظامیہ نے شہریوں کی سہولت کے لیے مختلف اقدامات کیے ہیں جن میں صفائی ستھرائی اور ٹریفک کے نظام کی بہتری شامل ہے۔ اس موقع پر شرکا نے کہا کہ ترقیاتی منصوبوں کی بروقت تکمیل یقینی بنائی جائے گی۔

اطلاع عام

حکومت نے سیاسی جماعتوں کے ساتھ مذاکرات کا سلسلہ جاری رکھنے کا اعلان کیا ہے اور اس سلسلے میں آئندہ اجلاس کی تاریخ بھی مقرر کر دی گئی ہے۔ ذرائع کے مطابق فریقین کے درمیان مختلف نکات پر اتفاق رائے ہو چکا ہے جبکہ باقی امور پر بات چیت جاری ہے۔ عوامی حلقوں نے اس پیشرفت کا خیرمقدم کیا ہے اور امید ظاہر کی ہے کہ ملک میں سیاسی استحکام آئے گا۔ ضلعی انتظامیہ نے شہریوں کی سہولت کے لیے مختلف اقدامات کیے ہیں جن میں صفائی ستھرائی اور ٹریفک کے نظام کی بہتری شامل ہے۔ اس موقع پر شرکا نے کہا کہ ترقیاتی منصوبوں کی بروقت تکمیل یقینی بنائی جائے گی۔

اطلاع عام

حکومت نے سیاسی جماعتوں کے ساتھ مذاکرات کا سلسلہ جاری رکھنے کا اعلان کیا ہے اور اس سلسلے میں آئندہ اجلاس کی تاریخ بھی مقرر کر دی گئی ہے۔ ذرائع کے مطابق فریقین کے درمیان مختلف نکات پر اتفاق رائے ہو چکا ہے جبکہ باقی امور پر بات چیت جاری ہے۔ عوامی حلقوں نے اس پیشرفت کا خیرمقدم کیا ہے اور امید ظاہر کی ہے کہ ملک میں سیاسی استحکام آئے گا۔ ضلعی انتظامیہ نے شہریوں کی سہولت کے لیے مختلف اقدامات کیے ہیں جن میں صفائی ستھرائی اور ٹریفک کے نظام کی بہتری شامل ہے۔ اس موقع پر شرکا نے کہا کہ ترقیاتی منصوبوں کی بروقت تکمیل یقینی بنائی جائے گی۔

وراثت نامہ

حکومت نے سیاسی جماعتوں کے ساتھ مذاکرات کا سلسلہ جاری رکھنے کا اعلان کیا ہے اور اس سلسلے میں آئندہ اجلاس کی تاریخ بھی مقرر کر دی گئی ہے۔ ذرائع کے مطابق فریقین کے درمیان مختلف نکات پر اتفاق رائے ہو چکا ہے جبکہ باقی امور پر بات چیت جاری ہے۔ عوامی حلقوں نے اس پیشرفت کا خیرمقدم کیا ہے اور امید ظاہر کی ہے کہ ملک میں سیاسی استحکام آئے گا۔ ضلعی انتظامیہ نے شہریوں کی سہولت کے لیے مختلف اقدامات کیے ہیں جن میں صفائی ستھرائی اور ٹریفک کے نظام کی بہتری شامل ہے۔ اس موقع پر شرکا نے کہا کہ ترقیاتی منصوبوں کی بروقت تکمیل یقینی بنائی جائے گی۔
